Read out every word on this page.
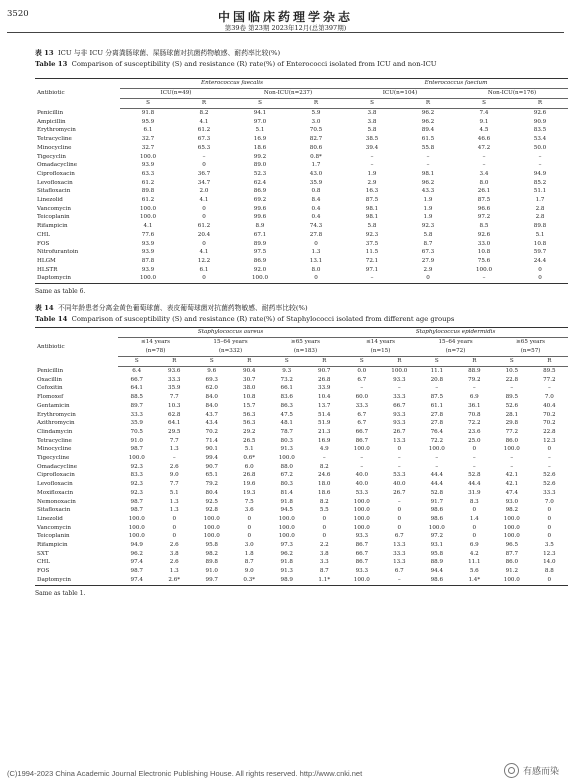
3520	中国临床药理学杂志
第39卷 第23期 2023年12月(总第397期)
表 13 ICU 与非 ICU 分离粪肠球菌、屎肠球菌对抗菌药物敏感、耐药率比较(%)
Table 13 Comparison of susceptibility (S) and resistance (R) rate(%) of Enterococci isolated from ICU and non-ICU
Antibiotic	Enterococcus faecalis				Enterococcus faecium			
	ICU(n=49)		Non-ICU(n=237)		ICU(n=104)		Non-ICU(n=176)	
	S	R	S	R	S	R	S	R
Penicillin	91.8	8.2	94.1	5.9	3.8	96.2	7.4	92.6
Ampicillin	95.9	4.1	97.0	3.0	3.8	96.2	9.1	90.9
Erythromycin	6.1	61.2	5.1	70.5	5.8	89.4	4.5	83.5
Tetracycline	32.7	67.3	16.9	82.7	38.5	61.5	46.6	53.4
Minocycline	32.7	65.3	18.6	80.6	39.4	55.8	47.2	50.0
Tigecyclin	100.0	–	99.2	0.8*	–	–	–	–
Omadacycline	93.9	0	89.0	1.7	–	–	–	–
Ciprofloxacin	63.3	36.7	52.3	43.0	1.9	98.1	3.4	94.9
Levofloxacin	61.2	34.7	62.4	35.9	2.9	96.2	8.0	85.2
Sitafloxacin	89.8	2.0	86.9	0.8	16.3	43.3	26.1	51.1
Linezolid	61.2	4.1	69.2	8.4	87.5	1.9	87.5	1.7
Vancomycin	100.0	0	99.6	0.4	98.1	1.9	96.6	2.8
Teicoplanin	100.0	0	99.6	0.4	98.1	1.9	97.2	2.8
Rifampicin	4.1	61.2	8.9	74.3	5.8	92.3	8.5	89.8
CHL	77.6	20.4	67.1	27.8	92.3	5.8	92.6	5.1
FOS	93.9	0	89.9	0	37.5	8.7	33.0	10.8
Nitrofurantoin	93.9	4.1	97.5	1.3	11.5	67.3	10.8	59.7
HLGM	87.8	12.2	86.9	13.1	72.1	27.9	75.6	24.4
HLSTR	93.9	6.1	92.0	8.0	97.1	2.9	100.0	0
Daptomycin	100.0	0	100.0	0	–	0	–	0
Same as table 6.
表 14 不同年龄患者分离金黄色葡萄球菌、表皮葡萄球菌对抗菌药物敏感、耐药率比较(%)
Table 14 Comparison of susceptibility (S) and resistance (R) rate(%) of Staphylococci isolated from different age groups
Antibiotic	Staphylococcus aureus						Staphylococcus epidermidis					
	≤14 years		15–64 years		≥65 years		≤14 years		15–64 years		≥65 years	
	(n=78)		(n=332)		(n=183)		(n=15)		(n=72)		(n=57)	
	S	R	S	R	S	R	S	R	S	R	S	R
Penicillin	6.4	93.6	9.6	90.4	9.3	90.7	0.0	100.0	11.1	88.9	10.5	89.5
Oxacillin	66.7	33.3	69.3	30.7	73.2	26.8	6.7	93.3	20.8	79.2	22.8	77.2
Cefoxitin	64.1	35.9	62.0	38.0	66.1	33.9	–	–	–	–	–	–
Flomoxef	88.5	7.7	84.0	10.8	83.6	10.4	60.0	33.3	87.5	6.9	89.5	7.0
Gentamicin	89.7	10.3	84.0	15.7	86.3	13.7	33.3	66.7	61.1	36.1	52.6	40.4
Erythromycin	33.3	62.8	43.7	56.3	47.5	51.4	6.7	93.3	27.8	70.8	28.1	70.2
Azithromycin	35.9	64.1	43.4	56.3	48.1	51.9	6.7	93.3	27.8	72.2	29.8	70.2
Clindamycin	70.5	29.5	70.2	29.2	78.7	21.3	66.7	26.7	76.4	23.6	77.2	22.8
Tetracycline	91.0	7.7	71.4	26.5	80.3	16.9	86.7	13.3	72.2	25.0	86.0	12.3
Minocycline	98.7	1.3	90.1	5.1	91.3	4.9	100.0	0	100.0	0	100.0	0
Tigecycline	100.0	–	99.4	0.6*	100.0	–	–	–	–	–	–	–
Omadacycline	92.3	2.6	90.7	6.0	88.0	8.2	–	–	–	–	–	–
Ciprofloxacin	83.3	9.0	65.1	26.8	67.2	24.6	40.0	53.3	44.4	52.8	42.1	52.6
Levofloxacin	92.3	7.7	79.2	19.6	80.3	18.0	40.0	40.0	44.4	44.4	42.1	52.6
Moxifloxacin	92.3	5.1	80.4	19.3	81.4	18.6	53.3	26.7	52.8	31.9	47.4	33.3
Nemonoxacin	98.7	1.3	92.5	7.5	91.8	8.2	100.0	–	91.7	8.3	93.0	7.0
Sitafloxacin	98.7	1.3	92.8	3.6	94.5	5.5	100.0	0	98.6	0	98.2	0
Linezolid	100.0	0	100.0	0	100.0	0	100.0	0	98.6	1.4	100.0	0
Vancomycin	100.0	0	100.0	0	100.0	0	100.0	0	100.0	0	100.0	0
Teicoplanin	100.0	0	100.0	0	100.0	0	93.3	6.7	97.2	0	100.0	0
Rifampicin	94.9	2.6	95.8	3.0	97.3	2.2	86.7	13.3	93.1	6.9	96.5	3.5
SXT	96.2	3.8	98.2	1.8	96.2	3.8	66.7	33.3	95.8	4.2	87.7	12.3
CHL	97.4	2.6	89.8	8.7	91.8	3.3	86.7	13.3	88.9	11.1	86.0	14.0
FOS	98.7	1.3	91.0	9.0	91.3	8.7	93.3	6.7	94.4	5.6	91.2	8.8
Daptomycin	97.4	2.6*	99.7	0.3*	98.9	1.1*	100.0	–	98.6	1.4*	100.0	0
Same as table 1.
(C)1994-2023 China Academic Journal Electronic Publishing House. All rights reserved. http://www.cnki.net	有感而染
